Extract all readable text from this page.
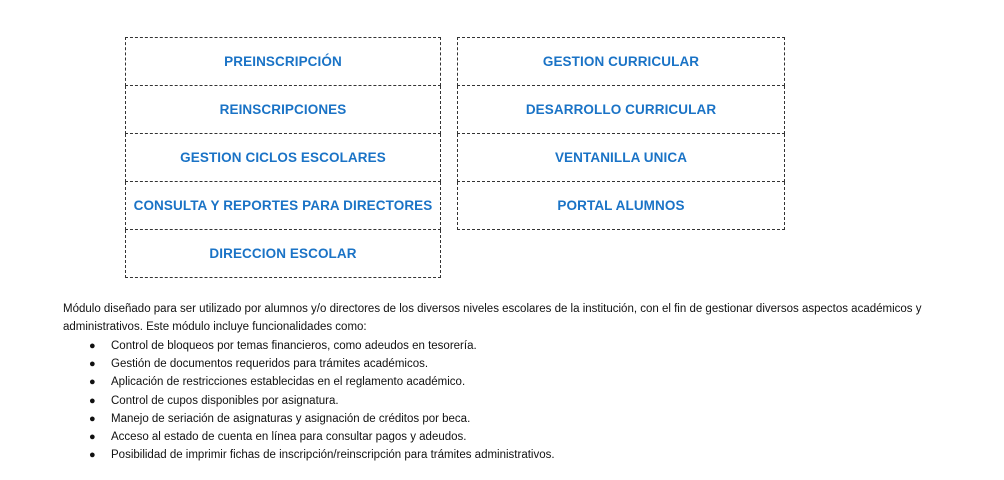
PREINSCRIPCIÓN
REINSCRIPCIONES
GESTION CICLOS ESCOLARES
CONSULTA Y REPORTES PARA DIRECTORES
DIRECCION ESCOLAR
GESTION CURRICULAR
DESARROLLO CURRICULAR
VENTANILLA UNICA
PORTAL ALUMNOS

Módulo diseñado para ser utilizado por alumnos y/o directores de los diversos niveles escolares de la institución, con el fin de gestionar diversos aspectos académicos y administrativos. Este módulo incluye funcionalidades como:

● Control de bloqueos por temas financieros, como adeudos en tesorería.
● Gestión de documentos requeridos para trámites académicos.
● Aplicación de restricciones establecidas en el reglamento académico.
● Control de cupos disponibles por asignatura.
● Manejo de seriación de asignaturas y asignación de créditos por beca.
● Acceso al estado de cuenta en línea para consultar pagos y adeudos.
● Posibilidad de imprimir fichas de inscripción/reinscripción para trámites administrativos.
